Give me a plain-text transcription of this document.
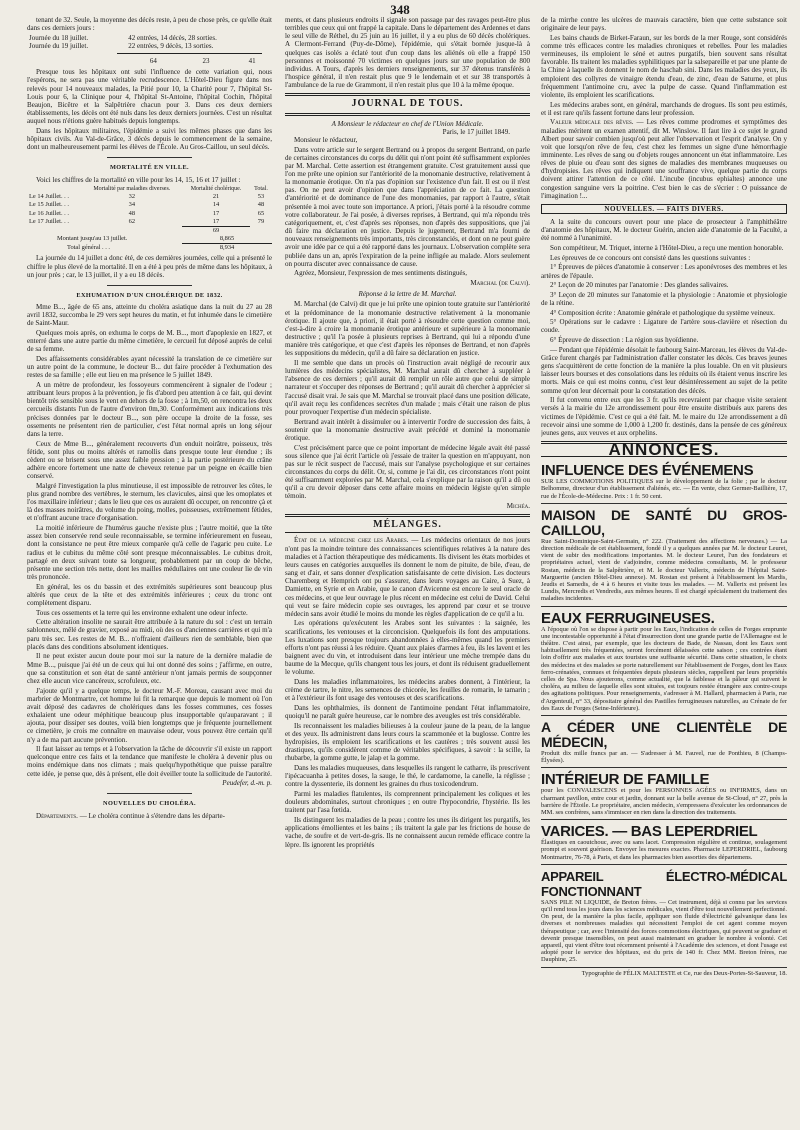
348

tenant de 32. Seule, la moyenne des décès reste, à peu de chose près, ce qu'elle était dans ces derniers jours :

Journée du 18 juillet.	42 entrées, 14 décès, 28 sorties.
Journée du 19 juillet.	22 entrées, 9 décès, 13 sorties.
64	23	41

Presque tous les hôpitaux ont subi l'influence de cette variation qui, nous l'espérons, ne sera pas une véritable recrudescence. L'Hôtel-Dieu figure dans nos relevés pour 14 nouveaux malades, la Pitié pour 10, la Charité pour 7, l'hôpital St-Louis pour 6, la Clinique pour 4, l'hôpital St-Antoine, l'hôpital Cochin, l'hôpital Beaujon, Bicêtre et la Salpêtrière chacun pour 3. Dans ces deux derniers établissements, les décès ont été nuls dans les deux derniers journées. C'est un résultat auquel nous n'étions guère habitués depuis longtemps.

Dans les hôpitaux militaires, l'épidémie a suivi les mêmes phases que dans les hôpitaux civils. Au Val-de-Grâce, 3 décès depuis le commencement de la semaine, dont un malheureusement parmi les élèves de l'École. Au Gros-Caillou, un seul décès.

MORTALITÉ EN VILLE.

Voici les chiffres de la mortalité en ville pour les 14, 15, 16 et 17 juillet :

	Mortalité par maladies diverses.	Mortalité cholérique.	Total.
Le 14 Juillet. . .	32	21	53
Le 15 Juillet. . .	34	14	48
Le 16 Juillet. . .	48	17	65
Le 17 Juillet. . .	62	17	79
		69	
Montant jusqu'au 13 juillet.		8,865	
Total général . . .		8,934	

La journée du 14 juillet a donc été, de ces dernières journées, celle qui a présenté le chiffre le plus élevé de la mortalité. Il en a été à peu près de même dans les hôpitaux, à un jour près ; car, le 13 juillet, il y a eu 18 décès.

EXHUMATION D'UN CHOLÉRIQUE DE 1832.

Mme B..., âgée de 65 ans, atteinte du choléra asiatique dans la nuit du 27 au 28 avril 1832, succomba le 29 vers sept heures du matin, et fut inhumée dans le cimetière de Saint-Maur.

Quelques mois après, on exhuma le corps de M. B..., mort d'apoplexie en 1827, et enterré dans une autre partie du même cimetière, le cercueil fut déposé auprès de celui de sa femme.

Des affaissements considérables ayant nécessité la translation de ce cimetière sur un autre point de la commune, le docteur B... dut faire procéder à l'exhumation des restes de sa famille ; elle eut lieu en ma présence le 5 juillet 1849.

A un mètre de profondeur, les fossoyeurs commencèrent à signaler de l'odeur ; attribuant leurs propos à la prévention, je fis d'abord peu attention à ce fait, qui devint bientôt très sensible sous le vent en dehors de la fosse ; à 1m,50, on rencontra les deux cercueils distants l'un de l'autre d'environ 0m,30. Conformément aux indications très précises données par le docteur B..., son père occupe la droite de la fosse, ses ossements ne présentent rien de particulier, c'est l'état normal après un long séjour dans la terre.

Ceux de Mme B..., généralement recouverts d'un enduit noirâtre, poisseux, très fétide, sont plus ou moins altérés et ramollis dans presque toute leur étendue ; ils cèdent ou se brisent sous une assez faible pression ; à la partie postérieure du crâne adhère encore fortement une natte de cheveux retenue par un peigne en écaille bien conservé.

Malgré l'investigation la plus minutieuse, il est impossible de retrouver les côtes, le plus grand nombre des vertèbres, le sternum, les clavicules, ainsi que les omoplates et l'os maxillaire inférieur ; dans le lieu que ces os auraient dû occuper, on rencontre çà et là des masses noirâtres, du volume du poing, molles, poisseuses, extrêmement fétides, et n'offrant aucune trace d'organisation.

La moitié inférieure de l'humérus gauche n'existe plus ; l'autre moitié, que la tête assez bien conservée rend seule reconnaissable, se termine inférieurement en fuseau, dont la consistance ne peut être mieux comparée qu'à celle de l'agaric peu cuite. Le radius et le cubitus du même côté sont presque méconnaissables. Le cubitus droit, partagé en deux suivant toute sa longueur, probablement par un coup de bêche, présente une section très nette, dont les mailles médullaires ont une couleur lie de vin très prononcée.

En général, les os du bassin et des extrémités supérieures sont beaucoup plus altérés que ceux de la tête et des extrémités inférieures ; ceux du tronc ont complètement disparu.

Tous ces ossements et la terre qui les environne exhalent une odeur infecte.

Cette altération insolite ne saurait être attribuée à la nature du sol : c'est un terrain sablonneux, mêlé de gravier, exposé au midi, où des os d'anciennes carrières et qui m'a paru très sec. Les restes de M. B... n'offraient d'ailleurs rien de semblable, bien que placés dans des conditions absolument identiques.

Il ne peut exister aucun doute pour moi sur la nature de la dernière maladie de Mme B..., puisque j'ai été un de ceux qui lui ont donné des soins ; j'affirme, en outre, que sa constitution et son état de santé antérieur n'ont jamais permis de soupçonner chez elle aucun vice cancéreux, scrofuleux, etc.

J'ajoute qu'il y a quelque temps, le docteur M.-F. Moreau, causant avec moi du marbrier de Montmartre, cet homme lui fit la remarque que depuis le moment où l'on avait déposé des cadavres de cholériques dans les fosses communes, ces fosses exhalaient une odeur méphitique beaucoup plus insupportable qu'auparavant ; il ajouta, pour dissiper ses doutes, voilà bien longtemps que je fréquente journellement ce cimetière, je crois me connaître en mauvaise odeur, vous pouvez être certain qu'il n'y a de ma part aucune prévention.

Il faut laisser au temps et à l'observation la tâche de découvrir s'il existe un rapport quelconque entre ces faits et la tendance que manifeste le choléra à devenir plus ou moins endémique dans nos climats ; mais quelqu'hypothétique que puisse paraître cette idée, je pense que, dès à présent, elle doit éveiller toute la sollicitude de l'autorité.

Peudefer, d.-m. p.
NOUVELLES DU CHOLÉRA.

Départements. — Le choléra continue à s'étendre dans les départe-

ments, et dans plusieurs endroits il signale son passage par des ravages peut-être plus terribles que ceux qui ont frappé la capitale. Dans le département des Ardennes et dans le seul ville de Réthel, du 25 juin au 16 juillet, il y a eu plus de 60 décès cholériques. A Clermont-Ferrand (Puy-de-Dôme), l'épidémie, qui s'était bornée jusque-là à quelques cas isolés a éclaté tout d'un coup dans les aliénés où elle a frappé 150 personnes et moissonné 70 victimes en quelques jours sur une population de 800 individus. A Tours, d'après les derniers renseignements, sur 37 détenus transférés à l'hospice général, il n'en restait plus que 9 le lendemain et et sur 38 transportés à l'ambulance de la rue de Grammont, il n'en restait plus que 10 à la même époque.

JOURNAL DE TOUS.
A Monsieur le rédacteur en chef de l'Union Médicale.
Paris, le 17 juillet 1849.

Monsieur le rédacteur,

Dans votre article sur le sergent Bertrand ou à propos du sergent Bertrand, on parle de certaines circonstances du corps du délit qui n'ont point été suffisamment explorées par M. Marchal. Cette assertion est étrangement gratuite. C'est gratuitement aussi que l'on me prête une opinion sur l'antériorité de la monomanie destructive, relativement à la monomanie érotique. On n'a pas d'opinion sur l'existence d'un fait. Il est ou il n'est pas. On ne peut avoir d'opinion que dans l'appréciation de ce fait. La question d'antériorité et de dominance de l'une des monomanies, par rapport à l'autre, s'était présentée à moi avec toute son importance. A priori, j'étais porté à la résoudre comme votre collaborateur. Je l'ai posée, à diverses reprises, à Bertrand, qui m'a répondu très catégoriquement, et, c'est d'après ses réponses, non d'après des suppositions, que j'ai dû faire ma déclaration en justice. Depuis le jugement, Bertrand m'a fourni de nouveaux renseignements très importants, très circonstanciés, et dont on ne peut guère avoir une idée par ce qui a été rapporté dans les journaux. L'observation complète sera publiée dans un an, après l'expiration de la peine infligée au malade. Alors seulement on pourra discuter avec connaissance de cause.

Agréez, Monsieur, l'expression de mes sentiments distingués,

Marchal (de Calvi).
Réponse à la lettre de M. Marchal.

M. Marchal (de Calvi) dit que je lui prête une opinion toute gratuite sur l'antériorité et la prédominance de la monomanie destructive relativement à la monomanie érotique. Il ajoute que, à priori, il était porté à résoudre cette question comme moi, c'est-à-dire à croire la monomanie érotique antérieure et supérieure à la monomanie destructive ; qu'il l'a posée à plusieurs reprises à Bertrand, qui lui a répondu d'une manière très catégorique, et que c'est d'après les réponses de Bertrand, et non d'après les suppositions du médecin, qu'il a dû faire sa déclaration en justice.

Il me semble que dans un procès où l'instruction avait négligé de recourir aux lumières des médecins spécialistes, M. Marchal aurait dû chercher à suppléer à l'absence de ces derniers ; qu'il aurait dû remplir un rôle autre que celui de simple narrateur et s'occuper des réponses de Bertrand ; qu'il aurait dû chercher à apprécier si l'accusé disait vrai. Je sais que M. Marchal se trouvait placé dans une position délicate, qu'il avait reçu les confidences secrètes d'un malade ; mais c'était une raison de plus pour provoquer l'expertise d'un médecin spécialiste.

Bertrand avait intérêt à dissimuler ou à intervertir l'ordre de succession des faits, à soutenir que la monomanie destructive avait précédé et dominé la monomanie érotique.

C'est précisément parce que ce point important de médecine légale avait été passé sous silence que j'ai écrit l'article où j'essaie de traiter la question en m'appuyant, non pas sur le récit suspect de l'accusé, mais sur l'analyse psychologique et sur certaines circonstances du corps du délit. Or, si, comme je l'ai dit, ces circonstances n'ont point été suffisamment explorées par M. Marchal, cela s'explique par la raison qu'il a dû ou qu'il a cru devoir déposer dans cette affaire moins en médecin légiste qu'en simple témoin.

Michéa.
MÉLANGES.

État de la médecine chez les Arabes. — Les médecins orientaux de nos jours n'ont pas la moindre teinture des connaissances scientifiques relatives à la nature des maladies et à l'action thérapeutique des médicaments. Ils divisent les états morbides et leurs causes en catégories auxquelles ils donnent le nom de pituite, de bile, d'eau, de sang et d'air, et sans donner d'explication satisfaisante de cette division. Les docteurs Charemberg et Hemprich ont pu s'assurer, dans leurs voyages au Caire, à Suez, à Damiette, en Syrie et en Arabie, que le canon d'Avicenne est encore le seul oracle de ces médecins, et que leur ouvrage le plus récent en médecine est celui de David. Celui qui veut se faire médecin copie ses ouvrages, les apprend par cœur et se trouve médecin sans avoir étudié le moins du monde les règles d'application de ce qu'il a lu.

Les opérations qu'exécutent les Arabes sont les suivantes : la saignée, les scarifications, les ventouses et la circoncision. Quelquefois ils font des amputations. Les luxations sont presque toujours abandonnées à elles-mêmes quand les premiers efforts n'ont pas réussi à les réduire. Quant aux plaies d'armes à feu, ils les lavent et les baignent avec du vin, et introduisent dans leur intérieur une mèche trempée dans du baume de la Mecque, qu'ils changent tous les jours, et dont ils réduisent graduellement le volume.

Dans les maladies inflammatoires, les médecins arabes donnent, à l'intérieur, la crème de tartre, le nitre, les semences de chicorée, les feuilles de romarin, le tamarin ; et à l'extérieur ils font usage des ventouses et des scarifications.

Dans les ophthalmies, ils donnent de l'antimoine pendant l'état inflammatoire, quoiqu'il ne paraît guère heureuse, car le nombre des aveugles est très considérable.

Ils reconnaissent les maladies bilieuses à la couleur jaune de la peau, de la langue et des yeux. Ils administrent dans leurs cours la scammonée et la buglosse. Contre les hydropisies, ils emploient les scarifications et les cautères ; très souvent aussi les drastiques, qu'ils considèrent comme de véritables spécifiques, à savoir : la scille, la rhubarbe, la gomme gutte, le jalap et la gomme.

Dans les maladies muqueuses, dans lesquelles ils rangent le catharre, ils prescrivent l'ipécacuanha à petites doses, la sauge, le thé, le cardamome, la canelle, la réglisse ; contre la dyssenterie, ils donnent les graines du rhus toxicodendrum.

Parmi les maladies flatulentes, ils comprennent principalement les coliques et les douleurs abdominales, surtout chroniques ; en outre l'hypocondrie, l'hystérie. Ils les traitent par l'asa fœtida.

Ils distinguent les maladies de la peau ; contre les unes ils dirigent les purgatifs, les applications émollientes et les bains ; ils traitent la gale par les frictions de house de vache, de soufre et de vert-de-gris. Ils ne connaissent aucun remède efficace contre la lèpre. Ils ignorent les propriétés

de la mirrhe contre les ulcères de mauvais caractère, bien que cette substance soit originaire de leur pays.

Les bains chauds de Birket-Faraun, sur les bords de la mer Rouge, sont considérés comme très efficaces contre les maladies chroniques et rebelles. Pour les maladies vermineuses, ils emploient le séné et autres purgatifs, bien souvent sans résultat favorable. Ils traitent les maladies syphilitiques par la salsepareille et par une plante de la Chine à laquelle ils donnent le nom de haschab sini. Dans les maladies des yeux, ils emploient des collyres de vinaigre étendu d'eau, de zinc, d'eau de Saturne, et plus fréquemment l'antimoine cru, avec la pulpe de casse. Quand l'inflammation est violente, ils emploient les scarifications.

Les médecins arabes sont, en général, marchands de drogues. Ils sont peu estimés, et il est rare qu'ils fassent fortune dans leur profession.

Valeur médicale des rêves. — Les rêves comme prodromes et symptômes des maladies méritent un examen attentif, dit M. Winslow. Il faut lire à ce sujet le grand Albert pour savoir combien jusqu'où peut aller l'observation et l'esprit d'analyse. On y voit que lorsqu'on rêve de feu, c'est chez les femmes un signe d'une hémorrhagie imminente. Les rêves de sang ou d'objets rouges annoncent un état inflammatoire. Les rêves de pluie ou d'eau sont des signes de maladies des membranes muqueuses ou d'hydropisies. Les rêves qui indiquent une souffrance vive, quelque partie du corps doivent attirer l'attention de ce côté. L'incube (incubus ephialtes) annonce une congestion sanguine vers la poitrine. C'est bien le cas de s'écrier : O puissance de l'imagination !...

NOUVELLES. — FAITS DIVERS.

A la suite du concours ouvert pour une place de prosecteur à l'amphithéâtre d'anatomie des hôpitaux, M. le docteur Guérin, ancien aide d'anatomie de la Faculté, a été nommé à l'unanimité.

Son compétiteur, M. Triquet, interne à l'Hôtel-Dieu, a reçu une mention honorable.

Les épreuves de ce concours ont consisté dans les questions suivantes :

1° Épreuves de pièces d'anatomie à conserver : Les aponévroses des membres et les artères de l'épaule.

2° Leçon de 20 minutes par l'anatomie : Des glandes salivaires.

3° Leçon de 20 minutes sur l'anatomie et la physiologie : Anatomie et physiologie de la rétine.

4° Composition écrite : Anatomie générale et pathologique du système veineux.

5° Opérations sur le cadavre : Ligature de l'artère sous-clavière et résection du coude.

6° Épreuve de dissection : La région sus hyoïdienne.

— Pendant que l'épidémie désolait le faubourg Saint-Marceau, les élèves du Val-de-Grâce furent chargés par l'administration d'aller constater les décès. Ces braves jeunes gens s'acquittèrent de cette fonction de la manière la plus louable. On en vit plusieurs laisser leurs bourses et des consolations dans les réduits où ils étaient venus inscrire les morts. Mais ce qui est moins connu, c'est leur désintéressement au sujet de la petite somme qu'on leur décernait pour la constatation des décès.

Il fut convenu entre eux que les 3 fr. qu'ils recevraient par chaque visite seraient versés à la mairie du 12e arrondissement pour être ensuite distribués aux parens des victimes de l'épidémie. C'est ce qui a été fait. M. le maire du 12e arrondissement a dû recevoir ainsi une somme de 1,000 à 1,200 fr. destinés, dans la pensée de ces généreux jeunes gens, aux veuves et aux orphelins.

ANNONCES.
INFLUENCE DES ÉVÉNEMENS
SUR LES COMMOTIONS POLITIQUES sur le développement de la folie ; par le docteur Belhomme, directeur d'un établissement d'aliénés, etc. — En vente, chez Germer-Baillière, 17, rue de l'École-de-Médecine. Prix : 1 fr. 50 cent.
MAISON DE SANTÉ DU GROS-CAILLOU,
Rue Saint-Dominique-Saint-Germain, n° 222. (Traitement des affections nerveuses.) — La direction médicale de cet établissement, fondé il y a quelques années par M. le docteur Leuret, vient de subir des modifications importantes. M. le docteur Leuret, l'un des fondateurs et propriétaires actuel, vient de s'adjoindre, comme médecins consultants, M. le professeur Rostan, médecin de la Salpêtrière, et M. le docteur Vallerix, médecin de l'hôpital Saint-Marguerite (ancien Hôtel-Dieu annexe). M. Rostan est présent à l'établissement les Mardis, Jeudis et Samedis, de 4 à 6 heures et visite tous les malades. — M. Vallerix est présent les Lundis, Mercredis et Vendredis, aux mêmes heures. Il est chargé spécialement du traitement des maladies incidentes.
EAUX FERRUGINEUSES.
A l'époque où l'on se dispose à partir pour les Eaux, l'indication de celles de Forges emprunte une incontestable opportunité à l'état d'insurrection dont une grande partie de l'Allemagne est le théâtre. C'est ainsi, par exemple, que les docteurs de Bade, de Nassau, dont les Eaux sont habituellement très fréquentées, seront forcément délaissées cette saison ; ces contrées étant loin d'offrir aux malades et aux touristes une suffisante sécurité. Dans cette situation, le choix des médecins et des malades se porte naturellement sur l'établissement de Forges, dont les Eaux ferro-crénatées, connues et fréquentées depuis plusieurs siècles, rappellent par leurs propriétés celles de Spa. Nous ajouterons, comme actualité, que la faiblesse et la pâleur qui suivent le choléra, au milieu de laquelle elles sont situées, est toujours restée étrangère aux contre-coups des agitations politiques. Pour renseignements, s'adresser à M. Hallard, pharmacien à Paris, rue d'Argenteuil, n° 33, dépositaire général des Pastilles ferrugineuses naturelles, au Crénate de fer des Eaux de Forges (Seine-Inférieure).
A CÉDER UNE CLIENTÈLE DE MÉDECIN,
Produit dix mille francs par an. — S'adresser à M. Fauvel, rue de Ponthieu, 8 (Champs-Élysées).
INTÉRIEUR DE FAMILLE
pour les CONVALESCENS et pour les PERSONNES AGÉES ou INFIRMES, dans un charmant pavillon, entre cour et jardin, donnant sur la belle avenue de St-Cloud, n° 27, près la barrière de l'Étoile. Le propriétaire, ancien médecin, s'empressera d'exécuter les ordonnances de MM. ses confrères, sans s'immiscer en rien dans la direction des traitements.
VARICES. — BAS LEPERDRIEL
Élastiques en caoutchouc, avec ou sans lacet. Compression régulière et continue, soulagement prompt et souvent guérison. Envoyer les mesures exactes. Pharmacie LEPERDRIEL, faubourg Montmartre, 76-78, à Paris, et dans les pharmacies bien assorties des départemens.
APPAREIL ÉLECTRO-MÉDICAL FONCTIONNANT
SANS PILE NI LIQUIDE, de Breton frères. — Cet instrument, déjà si connu par les services qu'il rend tous les jours dans les sciences médicales, vient d'être tout nouvellement perfectionné. On peut, de la manière la plus facile, appliquer son fluide d'électricité galvanique dans les diverses et nombreuses maladies qui nécessitent l'emploi de cet agent comme moyen thérapeutique ; car, avec l'intensité des forces commotions électriques, qui peuvent se graduer et devenir presque insensibles, on peut aussi maintenant en graduer le nombre à volonté. Cet appareil, qui vient d'être tout récemment présenté à l'Académie des sciences, et dont l'usage est adopté pour le service des hôpitaux, est du prix de 140 fr. Chez MM. Breton frères, rue Dauphine, 25.
Typographie de FÉLIX MALTESTE et Ce, rue des Deux-Portes-St-Sauveur, 18.
